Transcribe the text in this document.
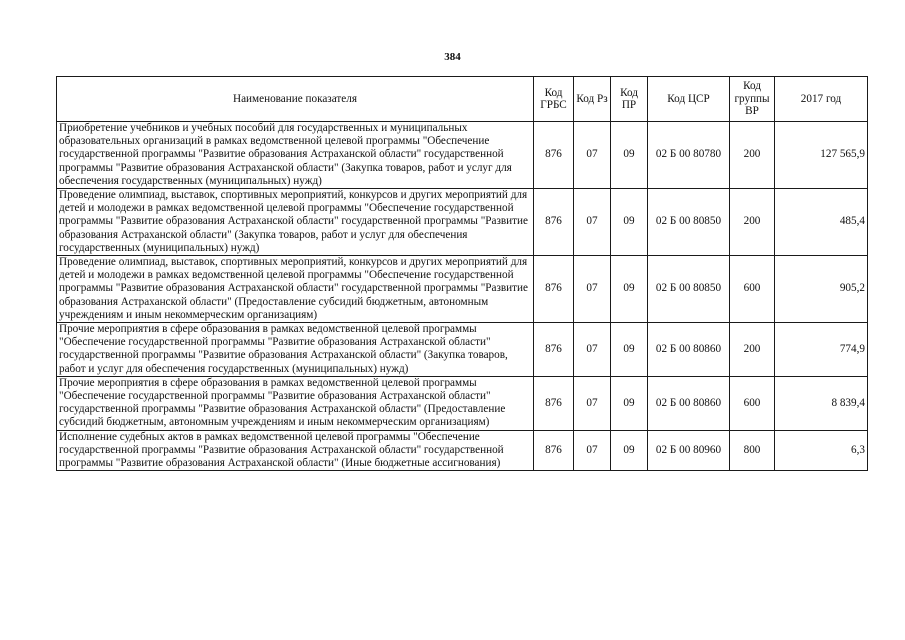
384
Наименование показателя	Код ГРБС	Код Рз	Код ПР	Код ЦСР	Код группы ВР	2017 год
Приобретение учебников и учебных пособий для государственных и муниципальных образовательных организаций в рамках ведомственной целевой программы "Обеспечение государственной программы "Развитие образования Астраханской области" государственной программы "Развитие образования Астраханской области" (Закупка товаров, работ и услуг для обеспечения государственных (муниципальных) нужд)	876	07	09	02 Б 00 80780	200	127 565,9
Проведение олимпиад, выставок, спортивных мероприятий, конкурсов и других мероприятий для детей и молодежи в рамках ведомственной целевой программы "Обеспечение государственной программы "Развитие образования Астраханской области" государственной программы "Развитие образования Астраханской области" (Закупка товаров, работ и услуг для обеспечения государственных (муниципальных) нужд)	876	07	09	02 Б 00 80850	200	485,4
Проведение олимпиад, выставок, спортивных мероприятий, конкурсов и других мероприятий для детей и молодежи в рамках ведомственной целевой программы "Обеспечение государственной программы "Развитие образования Астраханской области" государственной программы "Развитие образования Астраханской области" (Предоставление субсидий бюджетным, автономным учреждениям и иным некоммерческим организациям)	876	07	09	02 Б 00 80850	600	905,2
Прочие мероприятия в сфере образования в рамках ведомственной целевой программы "Обеспечение государственной программы "Развитие образования Астраханской области" государственной программы "Развитие образования Астраханской области" (Закупка товаров, работ и услуг для обеспечения государственных (муниципальных) нужд)	876	07	09	02 Б 00 80860	200	774,9
Прочие мероприятия в сфере образования в рамках ведомственной целевой программы "Обеспечение государственной программы "Развитие образования Астраханской области" государственной программы "Развитие образования Астраханской области" (Предоставление субсидий бюджетным, автономным учреждениям и иным некоммерческим организациям)	876	07	09	02 Б 00 80860	600	8 839,4
Исполнение судебных актов в рамках ведомственной целевой программы "Обеспечение государственной программы "Развитие образования Астраханской области" государственной программы "Развитие образования Астраханской области" (Иные бюджетные ассигнования)	876	07	09	02 Б 00 80960	800	6,3
